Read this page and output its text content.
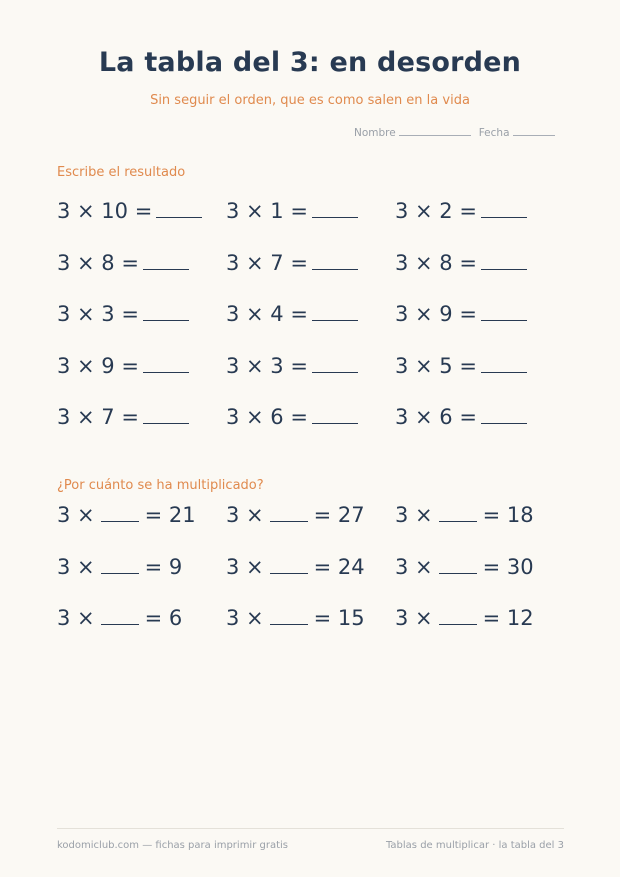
La tabla del 3: en desorden
Sin seguir el orden, que es como salen en la vida
Nombre	Fecha
Escribe el resultado
3 × 10 =	3 × 1 =	3 × 2 =
3 × 8 =	3 × 7 =	3 × 8 =
3 × 3 =	3 × 4 =	3 × 9 =
3 × 9 =	3 × 3 =	3 × 5 =
3 × 7 =	3 × 6 =	3 × 6 =
¿Por cuánto se ha multiplicado?
3 × = 21 3 × = 27 3 × = 18
3 × = 9 3 × = 24 3 × = 30
3 × = 6 3 × = 15 3 × = 12
kodomiclub.com — fichas para imprimir gratis	Tablas de multiplicar · la tabla del 3
